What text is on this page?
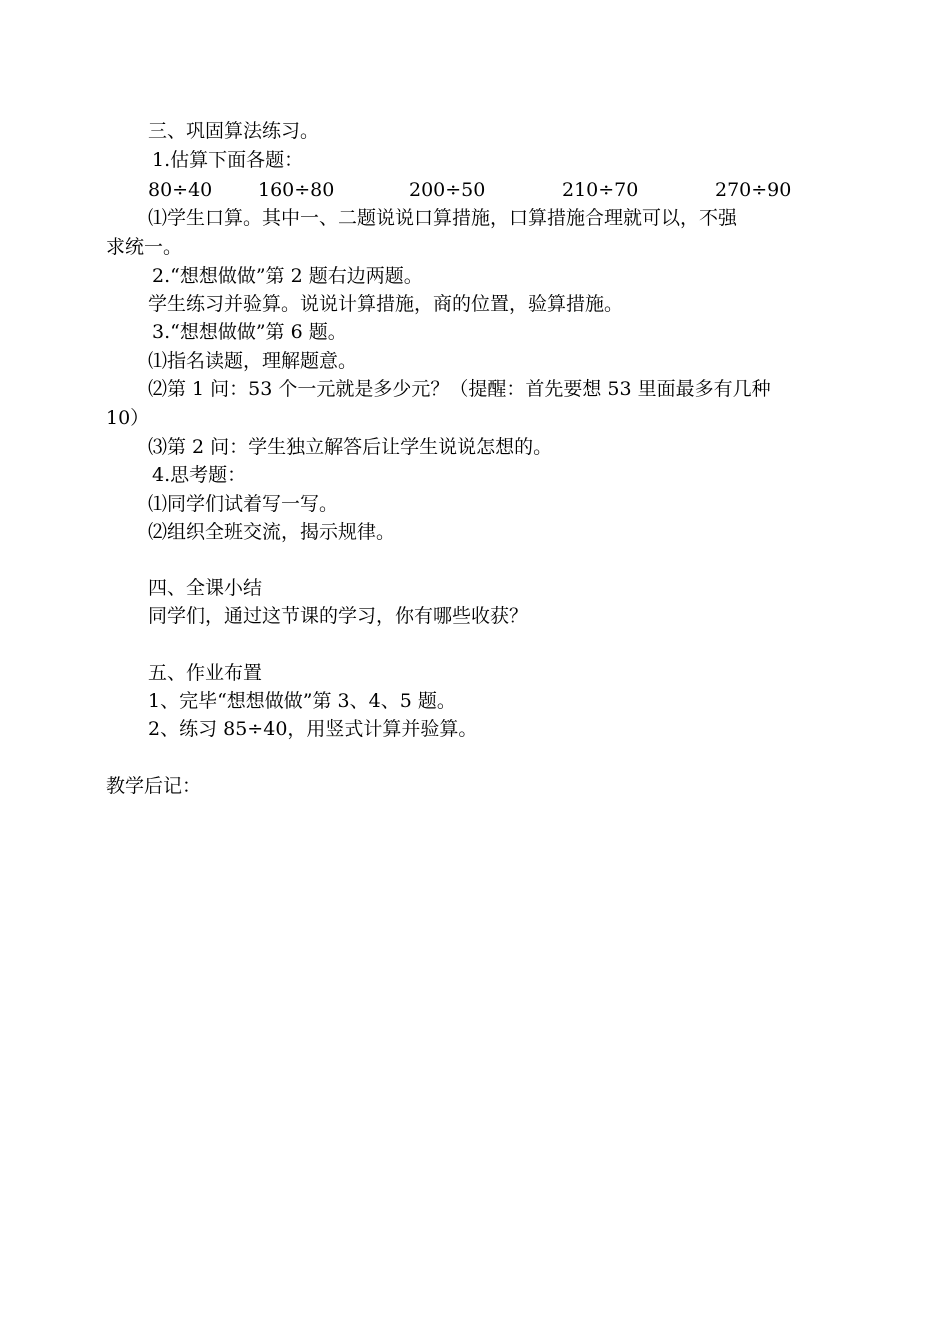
三、巩固算法练习。
1.估算下面各题：
80÷40 160÷80	200÷50	210÷70	270÷90
⑴学生口算。其中一、二题说说口算措施，口算措施合理就可以，不强
求统一。
2.“想想做做”第 2 题右边两题。
学生练习并验算。说说计算措施，商的位置，验算措施。
3.“想想做做”第 6 题。
⑴指名读题，理解题意。
⑵第 1 问：53 个一元就是多少元？（提醒：首先要想 53 里面最多有几种
10）
⑶第 2 问：学生独立解答后让学生说说怎想的。
4.思考题：
⑴同学们试着写一写。
⑵组织全班交流，揭示规律。
四、全课小结
同学们，通过这节课的学习，你有哪些收获？
五、作业布置
1、完毕“想想做做”第 3、4、5 题。
2、练习 85÷40，用竖式计算并验算。
教学后记：
